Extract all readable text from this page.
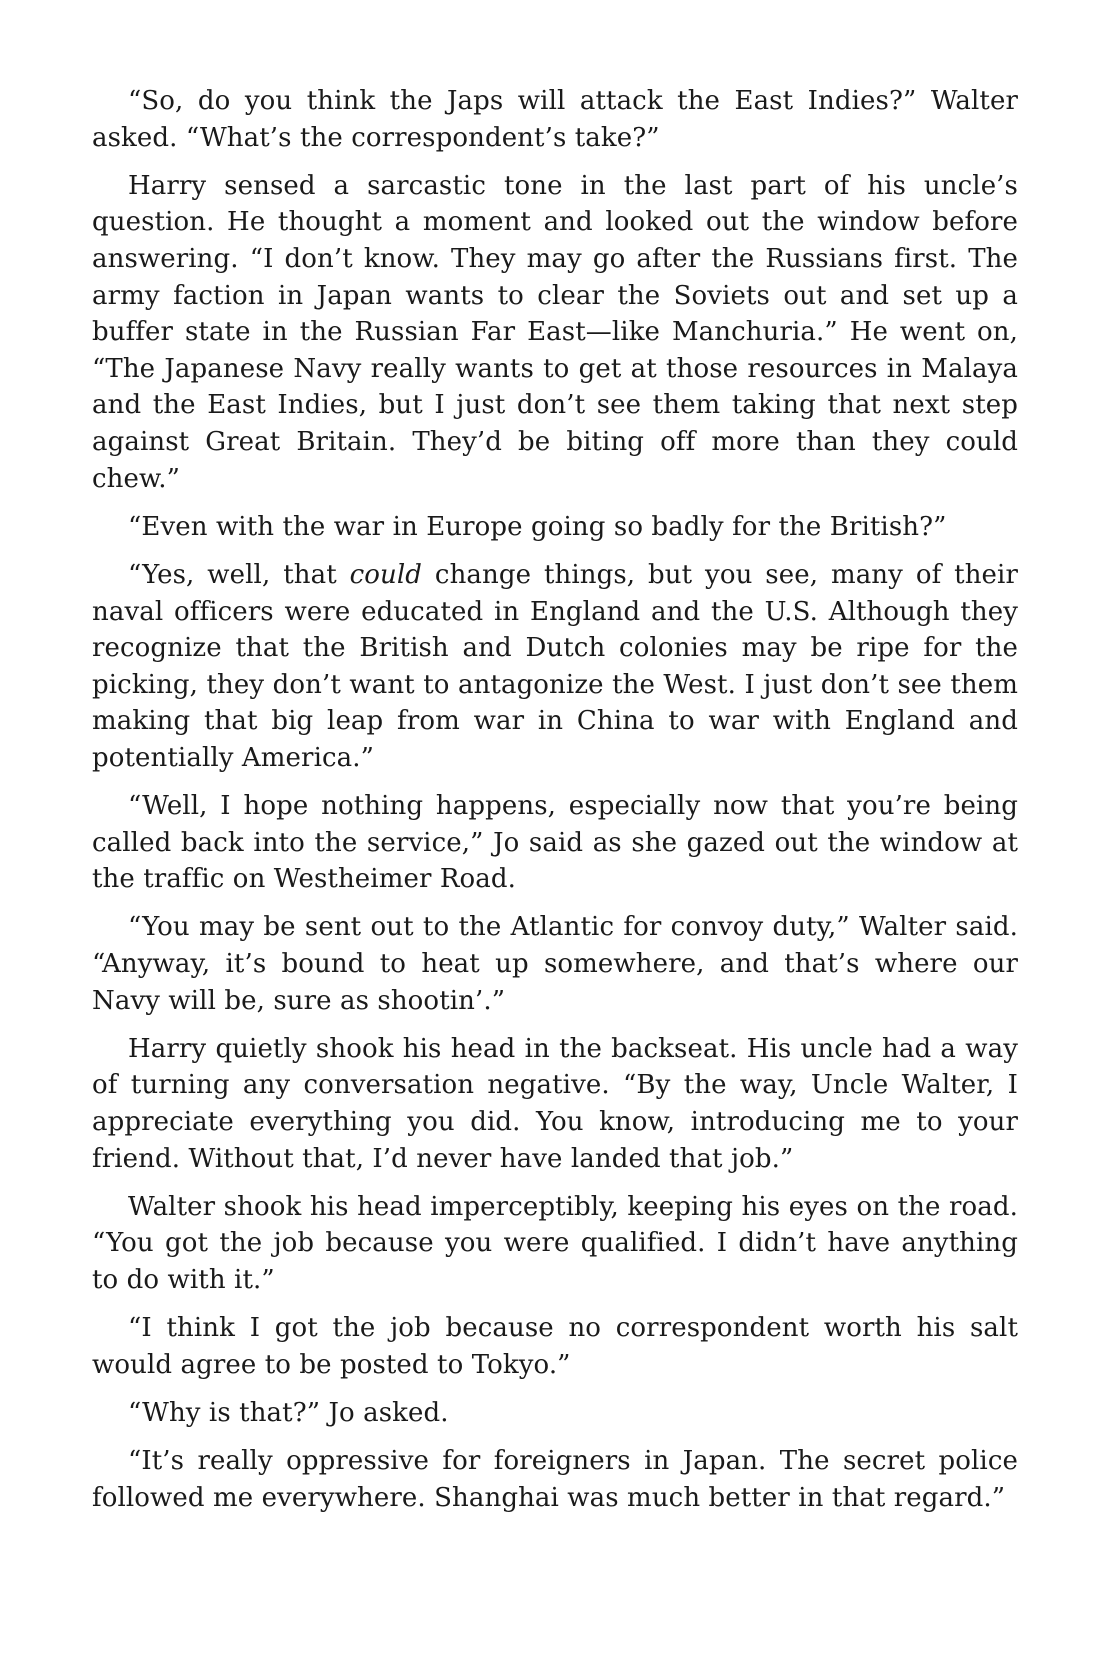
“So, do you think the Japs will attack the East Indies?” Walter asked. “What’s the correspondent’s take?”

Harry sensed a sarcastic tone in the last part of his uncle’s question. He thought a moment and looked out the window before answering. “I don’t know. They may go after the Russians first. The army faction in Japan wants to clear the Soviets out and set up a buffer state in the Russian Far East—like Manchuria.” He went on, “The Japanese Navy really wants to get at those resources in Malaya and the East Indies, but I just don’t see them taking that next step against Great Britain. They’d be biting off more than they could chew.”

“Even with the war in Europe going so badly for the British?”

“Yes, well, that could change things, but you see, many of their naval officers were educated in England and the U.S. Although they recognize that the British and Dutch colonies may be ripe for the picking, they don’t want to antagonize the West. I just don’t see them making that big leap from war in China to war with England and potentially America.”

“Well, I hope nothing happens, especially now that you’re being called back into the service,” Jo said as she gazed out the window at the traffic on Westheimer Road.

“You may be sent out to the Atlantic for convoy duty,” Walter said. “Anyway, it’s bound to heat up somewhere, and that’s where our Navy will be, sure as shootin’.”

Harry quietly shook his head in the backseat. His uncle had a way of turning any conversation negative. “By the way, Uncle Walter, I appreciate everything you did. You know, introducing me to your friend. Without that, I’d never have landed that job.”

Walter shook his head imperceptibly, keeping his eyes on the road. “You got the job because you were qualified. I didn’t have anything to do with it.”

“I think I got the job because no correspondent worth his salt would agree to be posted to Tokyo.”

“Why is that?” Jo asked.

“It’s really oppressive for foreigners in Japan. The secret police followed me everywhere. Shanghai was much better in that regard.”
